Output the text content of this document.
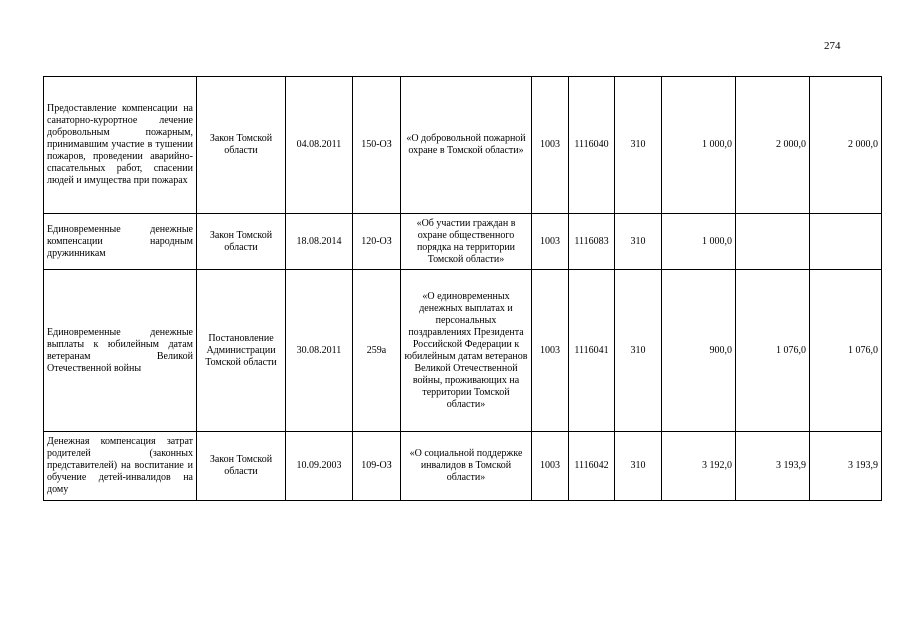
274
Предоставление компенсации на санаторно-курортное лечение добровольным пожарным, принимавшим участие в тушении пожаров, проведении аварийно-спасательных работ, спасении людей и имущества при пожарах	Закон Томской области	04.08.2011	150-ОЗ	«О добровольной пожарной охране в Томской области»	1003	1116040	310	1 000,0	2 000,0	2 000,0
Единовременные денежные компенсации народным дружинникам	Закон Томской области	18.08.2014	120-ОЗ	«Об участии граждан в охране общественного порядка на территории Томской области»	1003	1116083	310	1 000,0		
Единовременные денежные выплаты к юбилейным датам ветеранам Великой Отечественной войны	Постановление Администрации Томской области	30.08.2011	259а	«О единовременных денежных выплатах и персональных поздравлениях Президента Российской Федерации к юбилейным датам ветеранов Великой Отечественной войны, проживающих на территории Томской области»	1003	1116041	310	900,0	1 076,0	1 076,0
Денежная компенсация затрат родителей (законных представителей) на воспитание и обучение детей-инвалидов на дому	Закон Томской области	10.09.2003	109-ОЗ	«О социальной поддержке инвалидов в Томской области»	1003	1116042	310	3 192,0	3 193,9	3 193,9
